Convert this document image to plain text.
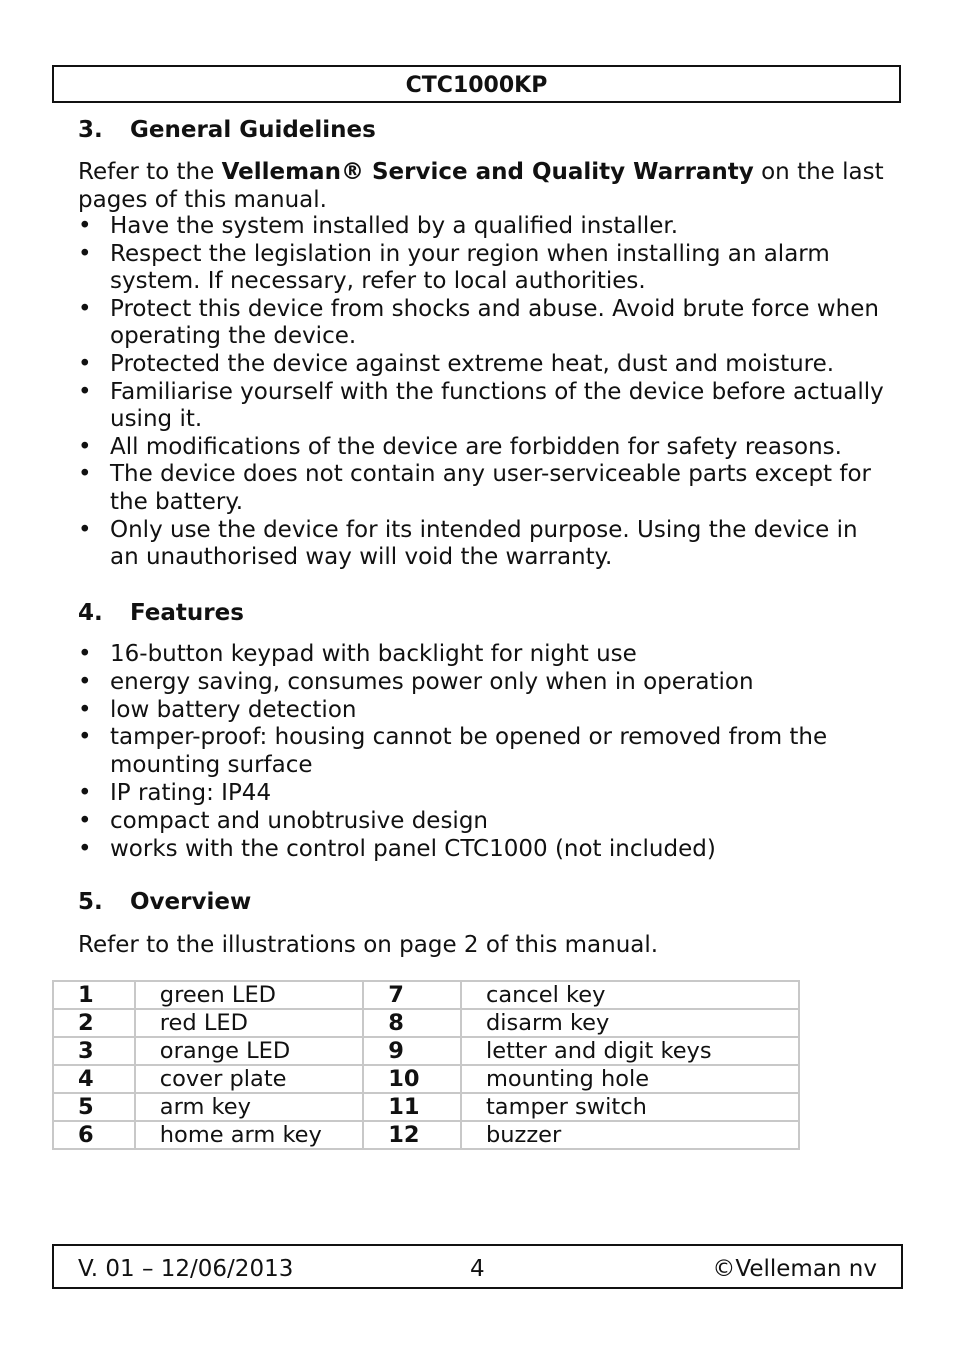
CTC1000KP
3. General Guidelines
Refer to the Velleman® Service and Quality Warranty on the last pages of this manual.
• Have the system installed by a qualified installer.
• Respect the legislation in your region when installing an alarm system. If necessary, refer to local authorities.
• Protect this device from shocks and abuse. Avoid brute force when operating the device.
• Protected the device against extreme heat, dust and moisture.
• Familiarise yourself with the functions of the device before actually using it.
• All modifications of the device are forbidden for safety reasons.
• The device does not contain any user-serviceable parts except for the battery.
• Only use the device for its intended purpose. Using the device in an unauthorised way will void the warranty.
4. Features
• 16-button keypad with backlight for night use
• energy saving, consumes power only when in operation
• low battery detection
• tamper-proof: housing cannot be opened or removed from the mounting surface
• IP rating: IP44
• compact and unobtrusive design
• works with the control panel CTC1000 (not included)
5. Overview
Refer to the illustrations on page 2 of this manual.
1	green LED	7	cancel key
2	red LED	8	disarm key
3	orange LED	9	letter and digit keys
4	cover plate	10	mounting hole
5	arm key	11	tamper switch
6	home arm key	12	buzzer
V. 01 – 12/06/2013	4	©Velleman nv
